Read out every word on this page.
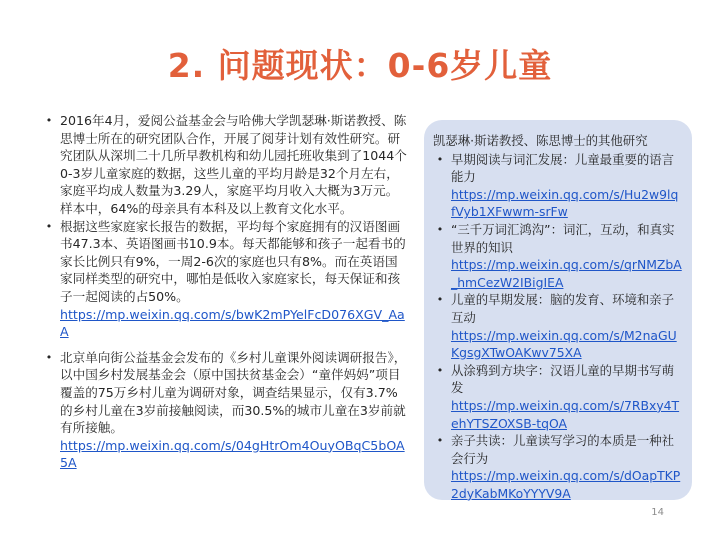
2. 问题现状：0-6岁儿童
• 2016年4月，爱阅公益基金会与哈佛大学凯瑟琳·斯诺教授、陈思博士所在的研究团队合作，开展了阅芽计划有效性研究。研究团队从深圳二十几所早教机构和幼儿园托班收集到了1044个0-3岁儿童家庭的数据，这些儿童的平均月龄是32个月左右，家庭平均成人数量为3.29人，家庭平均月收入大概为3万元。样本中，64%的母亲具有本科及以上教育文化水平。
• 根据这些家庭家长报告的数据，平均每个家庭拥有的汉语图画书47.3本、英语图画书10.9本。每天都能够和孩子一起看书的家长比例只有9%，一周2-6次的家庭也只有8%。而在英语国家同样类型的研究中，哪怕是低收入家庭家长，每天保证和孩子一起阅读的占50%。
https://mp.weixin.qq.com/s/bwK2mPYelFcD076XGV_AaA
• 北京单向街公益基金会发布的《乡村儿童课外阅读调研报告》，以中国乡村发展基金会（原中国扶贫基金会）“童伴妈妈”项目覆盖的75万乡村儿童为调研对象，调查结果显示，仅有3.7%的乡村儿童在3岁前接触阅读，而30.5%的城市儿童在3岁前就有所接触。
https://mp.weixin.qq.com/s/04gHtrOm4OuyOBqC5bOA5A
凯瑟琳·斯诺教授、陈思博士的其他研究
• 早期阅读与词汇发展：儿童最重要的语言能力
https://mp.weixin.qq.com/s/Hu2w9lqfVyb1XFwwm-srFw
• “三千万词汇鸿沟”：词汇，互动，和真实世界的知识
https://mp.weixin.qq.com/s/qrNMZbA_hmCezW2IBigIEA
• 儿童的早期发展：脑的发育、环境和亲子互动
https://mp.weixin.qq.com/s/M2naGUKgsgXTwOAKwv75XA
• 从涂鸦到方块字：汉语儿童的早期书写萌发
https://mp.weixin.qq.com/s/7RBxy4TehYTSZOXSB-tqOA
• 亲子共读：儿童读写学习的本质是一种社会行为
https://mp.weixin.qq.com/s/dOapTKP2dyKabMKoYYYV9A
14
